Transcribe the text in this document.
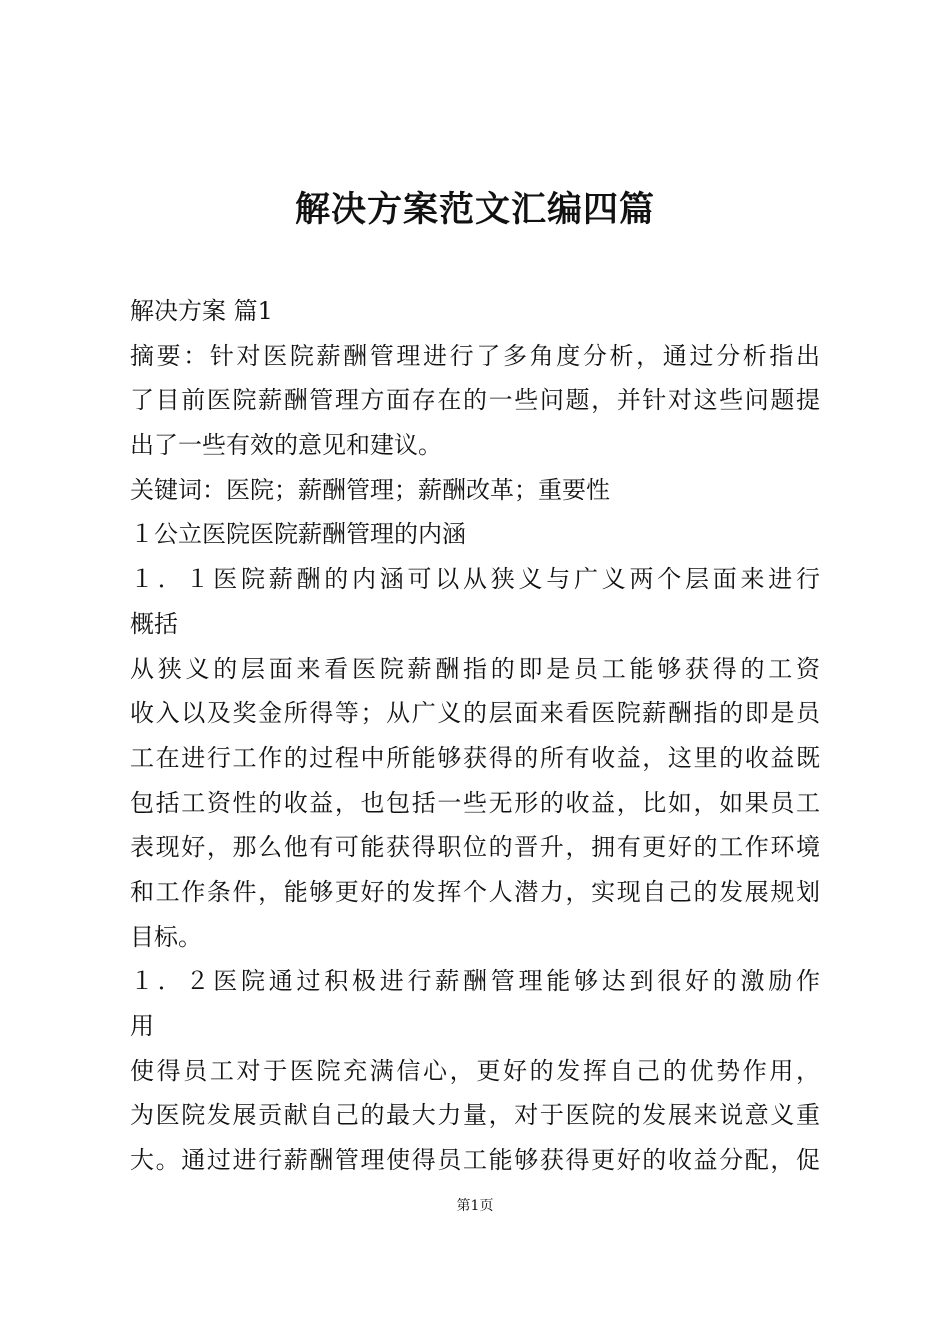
解决方案范文汇编四篇
解决方案 篇1
摘要：针对医院薪酬管理进行了多角度分析，通过分析指出
了目前医院薪酬管理方面存在的一些问题，并针对这些问题提
出了一些有效的意见和建议。
关键词：医院；薪酬管理；薪酬改革；重要性
１公立医院医院薪酬管理的内涵
１．１医院薪酬的内涵可以从狭义与广义两个层面来进行
概括
从狭义的层面来看医院薪酬指的即是员工能够获得的工资
收入以及奖金所得等；从广义的层面来看医院薪酬指的即是员
工在进行工作的过程中所能够获得的所有收益，这里的收益既
包括工资性的收益，也包括一些无形的收益，比如，如果员工
表现好，那么他有可能获得职位的晋升，拥有更好的工作环境
和工作条件，能够更好的发挥个人潜力，实现自己的发展规划
目标。
１．２医院通过积极进行薪酬管理能够达到很好的激励作
用
使得员工对于医院充满信心，更好的发挥自己的优势作用，
为医院发展贡献自己的最大力量，对于医院的发展来说意义重
大。通过进行薪酬管理使得员工能够获得更好的收益分配，促
第1页
